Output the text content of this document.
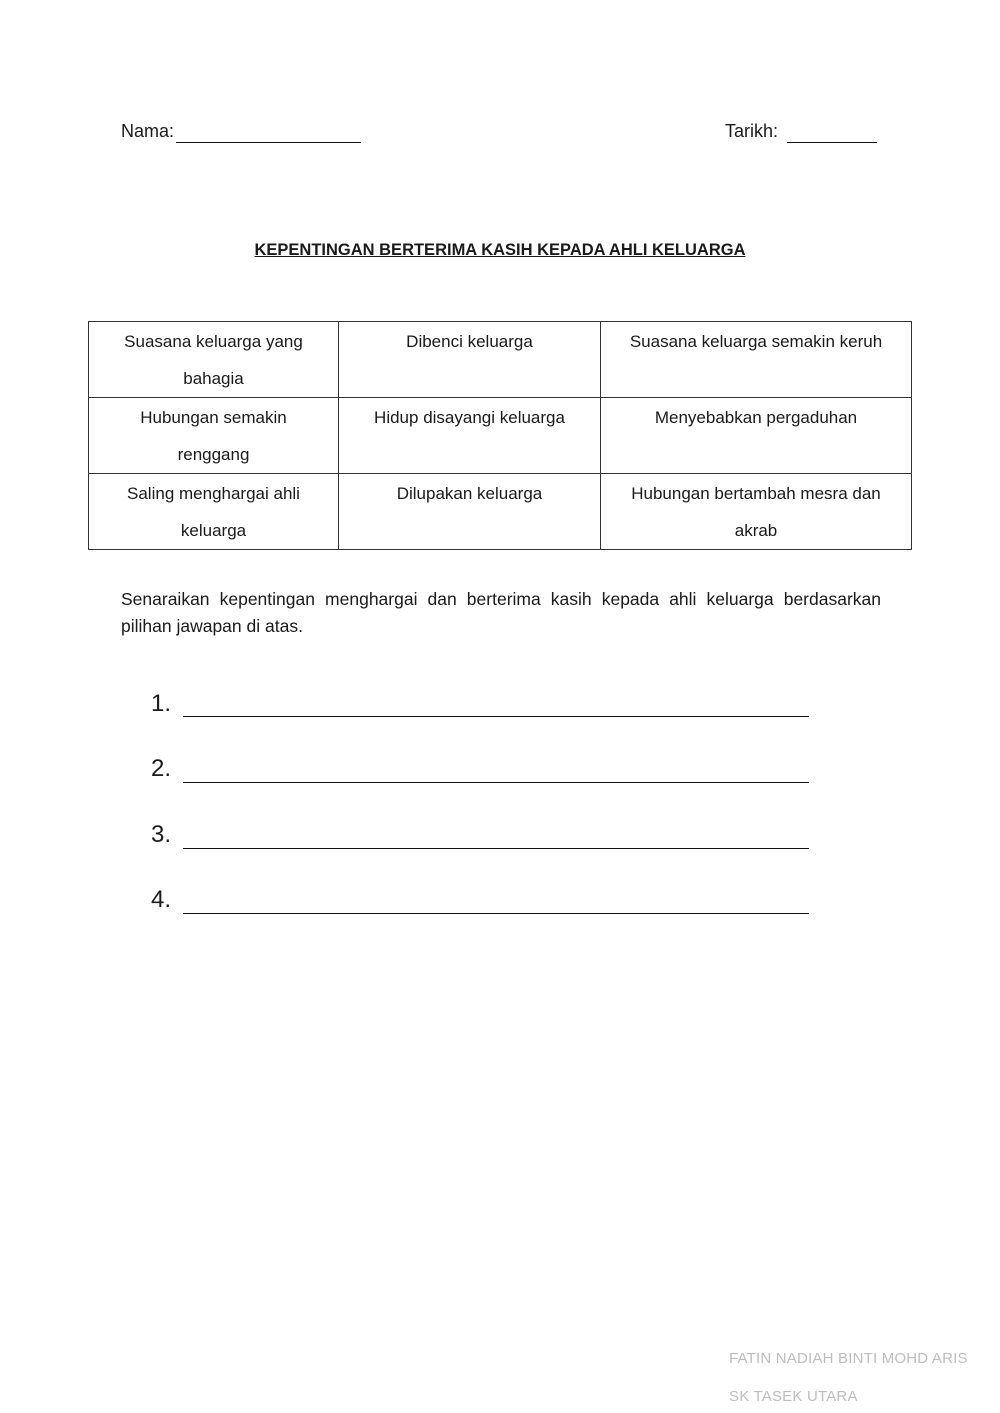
Nama:	Tarikh:
KEPENTINGAN BERTERIMA KASIH KEPADA AHLI KELUARGA
Suasana keluarga yang bahagia	Dibenci keluarga	Suasana keluarga semakin keruh
Hubungan semakin renggang	Hidup disayangi keluarga	Menyebabkan pergaduhan
Saling menghargai ahli keluarga	Dilupakan keluarga	Hubungan bertambah mesra dan akrab
Senaraikan kepentingan menghargai dan berterima kasih kepada ahli keluarga berdasarkan pilihan jawapan di atas.
1.
2.
3.
4.
FATIN NADIAH BINTI MOHD ARIS
SK TASEK UTARA
